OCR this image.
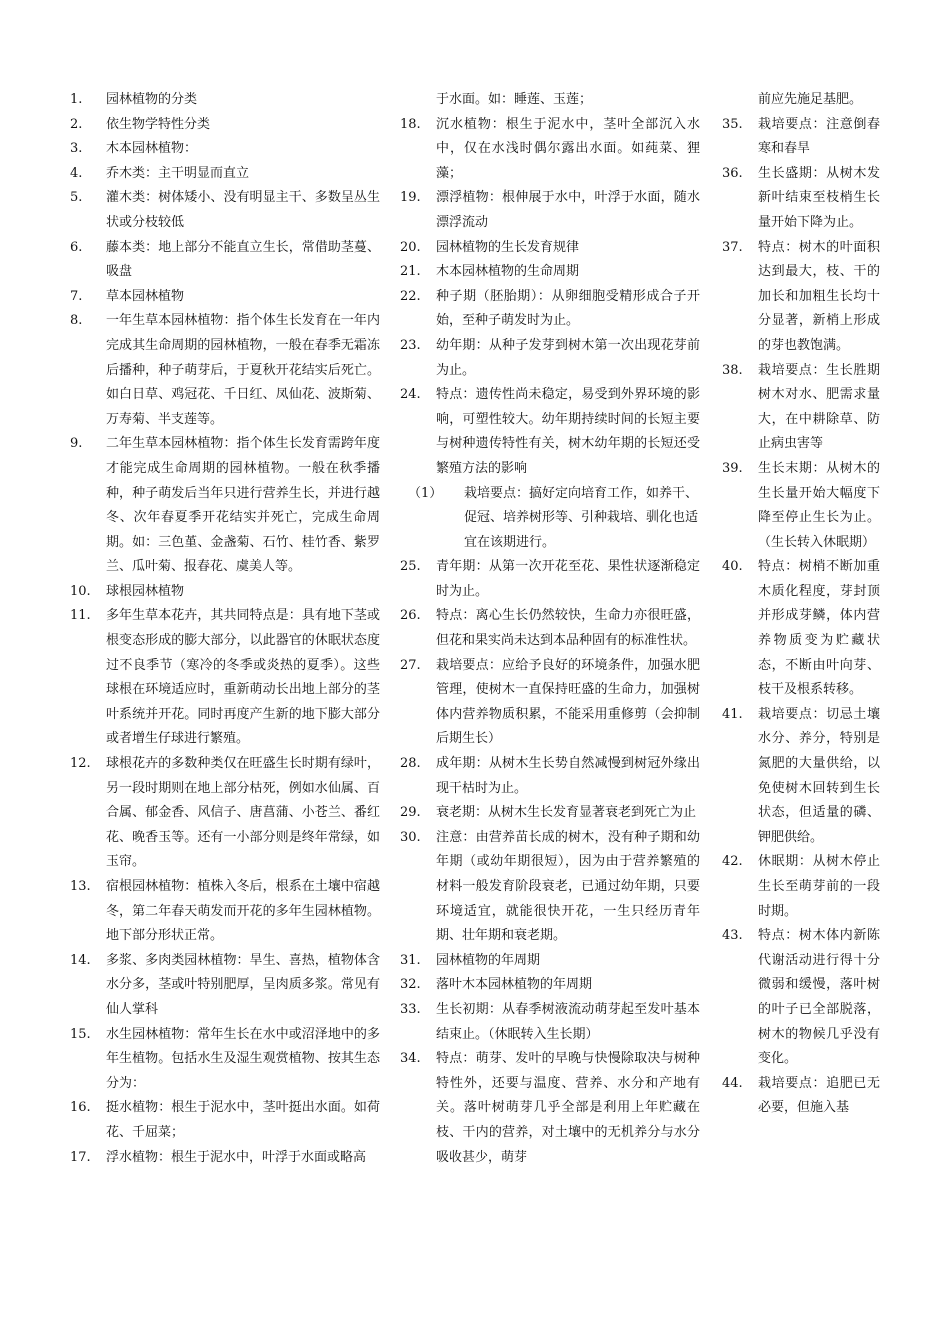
1. 园林植物的分类
2. 依生物学特性分类
3. 木本园林植物：
4. 乔木类：主干明显而直立
5. 灌木类：树体矮小、没有明显主干、多数呈丛生状或分枝较低
6. 藤本类：地上部分不能直立生长，常借助茎蔓、吸盘
7. 草本园林植物
8. 一年生草本园林植物：指个体生长发育在一年内完成其生命周期的园林植物，一般在春季无霜冻后播种，种子萌芽后，于夏秋开花结实后死亡。如白日草、鸡冠花、千日红、凤仙花、波斯菊、万寿菊、半支莲等。
9. 二年生草本园林植物：指个体生长发育需跨年度才能完成生命周期的园林植物。一般在秋季播种，种子萌发后当年只进行营养生长，并进行越冬、次年春夏季开花结实并死亡，完成生命周期。如：三色堇、金盏菊、石竹、桂竹香、紫罗兰、瓜叶菊、报春花、虞美人等。
10. 球根园林植物
11. 多年生草本花卉，其共同特点是：具有地下茎或根变态形成的膨大部分，以此器官的休眠状态度过不良季节（寒冷的冬季或炎热的夏季）。这些球根在环境适应时，重新萌动长出地上部分的茎叶系统并开花。同时再度产生新的地下膨大部分或者增生仔球进行繁殖。
12. 球根花卉的多数种类仅在旺盛生长时期有绿叶，另一段时期则在地上部分枯死，例如水仙属、百合属、郁金香、风信子、唐菖蒲、小苍兰、番红花、晚香玉等。还有一小部分则是终年常绿，如玉帘。
13. 宿根园林植物：植株入冬后，根系在土壤中宿越冬，第二年春天萌发而开花的多年生园林植物。地下部分形状正常。
14. 多浆、多肉类园林植物：旱生、喜热，植物体含水分多，茎或叶特别肥厚，呈肉质多浆。常见有仙人掌科
15. 水生园林植物：常年生长在水中或沼泽地中的多年生植物。包括水生及湿生观赏植物、按其生态分为：
16. 挺水植物：根生于泥水中，茎叶挺出水面。如荷花、千屈菜；
17. 浮水植物：根生于泥水中，叶浮于水面或略高
于水面。如：睡莲、玉莲；
18. 沉水植物：根生于泥水中，茎叶全部沉入水中，仅在水浅时偶尔露出水面。如莼菜、狸藻；
19. 漂浮植物：根伸展于水中，叶浮于水面，随水漂浮流动
20. 园林植物的生长发育规律
21. 木本园林植物的生命周期
22. 种子期（胚胎期）：从卵细胞受精形成合子开始，至种子萌发时为止。
23. 幼年期：从种子发芽到树木第一次出现花芽前为止。
24. 特点：遗传性尚未稳定，易受到外界环境的影响，可塑性较大。幼年期持续时间的长短主要与树种遗传特性有关，树木幼年期的长短还受繁殖方法的影响
（1） 栽培要点：搞好定向培育工作，如养干、促冠、培养树形等、引种栽培、驯化也适宜在该期进行。
25. 青年期：从第一次开花至花、果性状逐渐稳定时为止。
26. 特点：离心生长仍然较快，生命力亦很旺盛，但花和果实尚未达到本品种固有的标准性状。
27. 栽培要点：应给予良好的环境条件，加强水肥管理，使树木一直保持旺盛的生命力，加强树体内营养物质积累，不能采用重修剪（会抑制后期生长）
28. 成年期：从树木生长势自然减慢到树冠外缘出现干枯时为止。
29. 衰老期：从树木生长发育显著衰老到死亡为止
30. 注意：由营养苗长成的树木，没有种子期和幼年期（或幼年期很短），因为由于营养繁殖的材料一般发育阶段衰老，已通过幼年期，只要环境适宜，就能很快开花，一生只经历青年期、壮年期和衰老期。
31. 园林植物的年周期
32. 落叶木本园林植物的年周期
33. 生长初期：从春季树液流动萌芽起至发叶基本结束止。（休眠转入生长期）
34. 特点：萌芽、发叶的早晚与快慢除取决与树种特性外，还要与温度、营养、水分和产地有关。落叶树萌芽几乎全部是利用上年贮藏在枝、干内的营养，对土壤中的无机养分与水分吸收甚少，萌芽
前应先施足基肥。
35. 栽培要点：注意倒春寒和春旱
36. 生长盛期：从树木发新叶结束至枝梢生长量开始下降为止。
37. 特点：树木的叶面积达到最大，枝、干的加长和加粗生长均十分显著，新梢上形成的芽也教饱满。
38. 栽培要点：生长胜期树木对水、肥需求量大，在中耕除草、防止病虫害等
39. 生长末期：从树木的生长量开始大幅度下降至停止生长为止。（生长转入休眠期）
40. 特点：树梢不断加重木质化程度，芽封顶并形成芽鳞，体内营养物质变为贮藏状态，不断由叶向芽、枝干及根系转移。
41. 栽培要点：切忌土壤水分、养分，特别是氮肥的大量供给，以免使树木回转到生长状态，但适量的磷、钾肥供给。
42. 休眠期：从树木停止生长至萌芽前的一段时期。
43. 特点：树木体内新陈代谢活动进行得十分微弱和缓慢，落叶树的叶子已全部脱落，树木的物候几乎没有变化。
44. 栽培要点：追肥已无必要，但施入基
